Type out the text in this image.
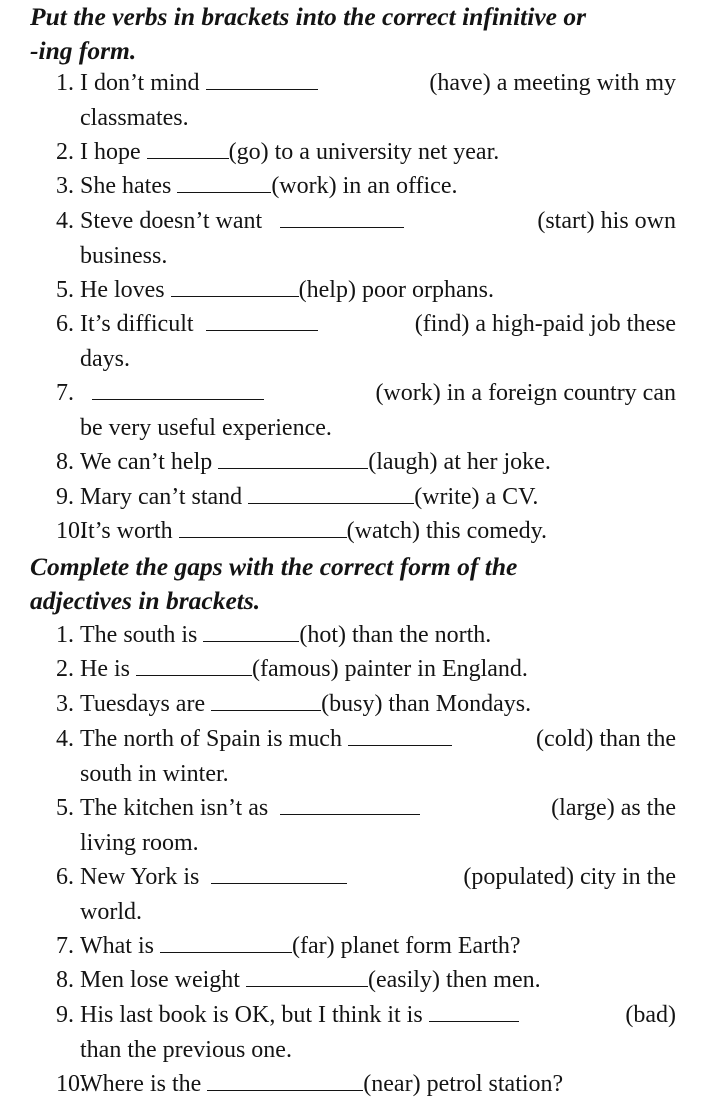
Put the verbs in brackets into the correct infinitive or
-ing form.
1. I don’t mind	(have) a meeting with my
classmates.
2. I hope
	(go) to a university net year.
3. She hates
	(work) in an office.
4. Steve doesn’t want	(start) his own
business.
5. He loves
	(help) poor orphans.
6. It’s difficult	(find) a high-paid job these
days.
7.	(work) in a foreign country can
be very useful experience.
8. We can’t help
	(laugh) at her joke.
9. Mary can’t stand
	(write) a CV.
10.
It’s worth
	(watch) this comedy.
Complete the gaps with the correct form of the
adjectives in brackets.
1. The south is
	(hot) than the north.
2. He is
	(famous) painter in England.
3. Tuesdays are
	(busy) than Mondays.
4. The north of Spain is much	(cold) than the
south in winter.
5. The kitchen isn’t as	(large) as the
living room.
6. New York is	(populated) city in the
world.
7. What is
	(far) planet form Earth?
8. Men lose weight
	(easily) then men.
9. His last book is OK, but I think it is	(bad)
than the previous one.
10.
Where is the
	(near) petrol station?
